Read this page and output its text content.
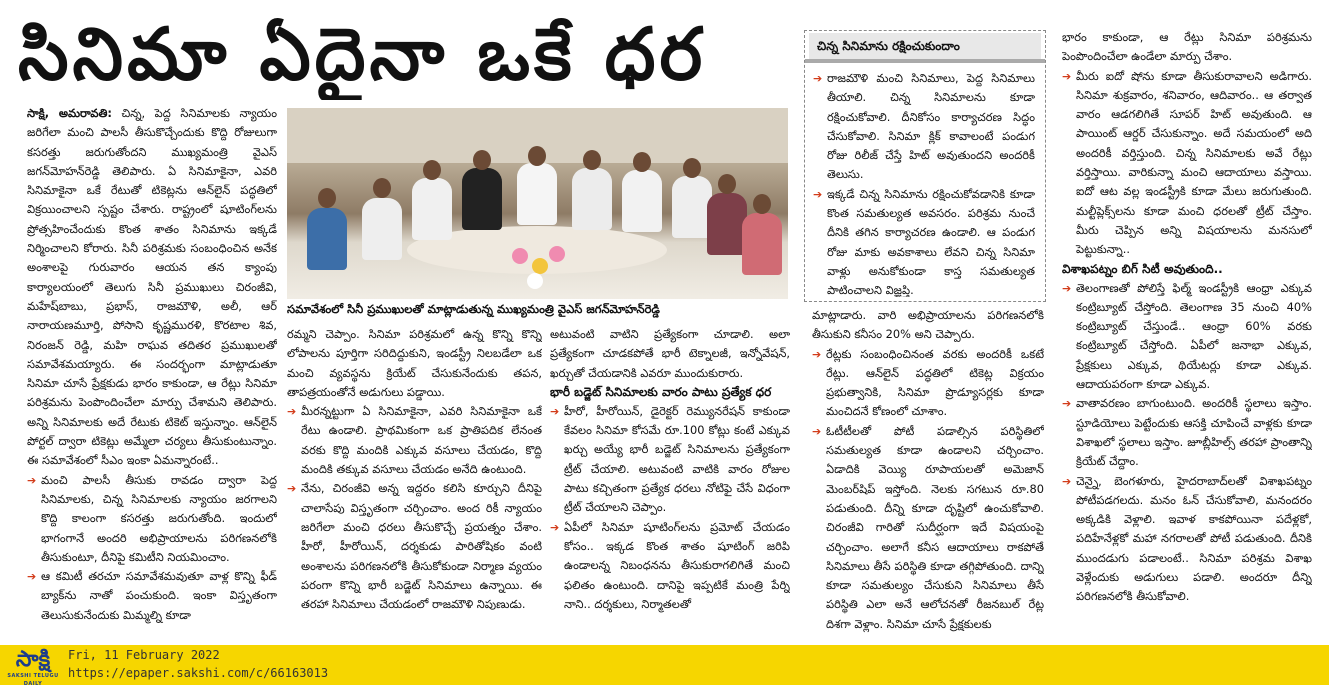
సినిమా ఏదైనా ఒకే ధర

సాక్షి, అమరావతి: చిన్న, పెద్ద సినిమాలకు న్యాయం జరిగేలా మంచి పాలసీ తీసుకొచ్చేందుకు కొద్ది రోజులుగా కసరత్తు జరుగుతోందని ముఖ్యమంత్రి వైఎస్‌ జగన్‌మోహన్‌రెడ్డి తెలిపారు. ఏ సినిమాకైనా, ఎవరి సినిమాకైనా ఒకే రేటుతో టికెట్లను ఆన్‌లైన్‌ పద్ధతిలో విక్రయించాలని స్పష్టం చేశారు. రాష్ట్రంలో షూటింగ్‌లను ప్రోత్సహించేందుకు కొంత శాతం సినిమాను ఇక్కడే నిర్మించాలని కోరారు. సినీ పరిశ్రమకు సంబంధించిన అనేక అంశాలపై గురువారం ఆయన తన క్యాంపు కార్యాలయంలో తెలుగు సినీ ప్రముఖులు చిరంజీవి, మహేష్‌బాబు, ప్రభాస్, రాజమౌళి, అలీ, ఆర్‌ నారాయణమూర్తి, పోసాని కృష్ణమురళి, కొరటాల శివ, నిరంజన్‌ రెడ్డి, మహి రాఘవ తదితర ప్రముఖులతో సమావేశమయ్యారు. ఈ సందర్భంగా మాట్లాడుతూ సినిమా చూసే ప్రేక్షకుడు భారం కాకుండా, ఆ రేట్లు సినిమా పరిశ్రమను పెంపొందించేలా మార్పు చేశామని తెలిపారు. అన్ని సినిమాలకు అదే రేటుకు టికెట్‌ ఇస్తున్నాం. ఆన్‌లైన్‌ పోర్టల్‌ ద్వారా టికెట్లు అమ్మేలా చర్యలు తీసుకుంటున్నాం. ఈ సమావేశంలో సీఎం ఇంకా ఏమన్నారంటే..

➔ మంచి పాలసీ తీసుకు రావడం ద్వారా పెద్ద సినిమాలకు, చిన్న సినిమాలకు న్యాయం జరగాలని కొద్ది కాలంగా కసరత్తు జరుగుతోంది. ఇందులో భాగంగానే అందరి అభిప్రాయాలను పరిగణనలోకి తీసుకుంటూ, దీనిపై కమిటీని నియమించాం.

➔ ఆ కమిటీ తరచూ సమావేశమవుతూ వాళ్ల కొన్ని ఫీడ్‌ బ్యాక్‌ను నాతో పంచుకుంది. ఇంకా విస్తృతంగా తెలుసుకునేందుకు మిమ్మల్ని కూడా

సమావేశంలో సినీ ప్రముఖులతో మాట్లాడుతున్న ముఖ్యమంత్రి వైఎస్‌ జగన్‌మోహన్‌రెడ్డి

రమ్మని చెప్పాం. సినిమా పరిశ్రమలో ఉన్న కొన్ని కొన్ని లోపాలను పూర్తిగా సరిదిద్దుకుని, ఇండస్ట్రీ నిలబడేలా ఒక మంచి వ్యవస్థను క్రియేట్‌ చేసుకునేందుకు తపన, తాపత్రయంతోనే అడుగులు పడ్డాయి.

➔ మీరన్నట్టుగా ఏ సినిమాకైనా, ఎవరి సినిమాకైనా ఒకే రేటు ఉండాలి. ప్రాథమికంగా ఒక ప్రాతిపదిక లేనంత వరకు కొద్ది మందికి ఎక్కువ వసూలు చేయడం, కొద్ది మందికి తక్కువ వసూలు చేయడం అనేది ఉంటుంది.

➔ నేను, చిరంజీవి అన్న ఇద్దరం కలిసి కూర్చుని దీనిపై చాలాసేపు విస్తృతంగా చర్చించాం. అంద రికీ న్యాయం జరిగేలా మంచి ధరలు తీసుకొచ్చే ప్రయత్నం చేశాం. హీరో, హీరోయిన్, దర్శకుడు పారితోషికం వంటి అంశాలను పరిగణనలోకి తీసుకోకుండా నిర్మాణ వ్యయం పరంగా కొన్ని భారీ బడ్జెట్‌ సినిమాలు ఉన్నాయి. ఈ తరహా సినిమాలు చేయడంలో రాజమౌళి నిపుణుడు.

అటువంటి వాటిని ప్రత్యేకంగా చూడాలి. అలా ప్రత్యేకంగా చూడకపోతే భారీ టెక్నాలజీ, ఇన్నోవేషన్, ఖర్చుతో చేయడానికి ఎవరూ ముందుకురారు.

భారీ బడ్జెట్‌ సినిమాలకు వారం పాటు ప్రత్యేక ధర

➔ హీరో, హీరోయిన్, డైరెక్టర్‌ రెమ్యునరేషన్‌ కాకుండా కేవలం సినిమా కోసమే రూ.100 కోట్లు కంటే ఎక్కువ ఖర్చు అయ్యే భారీ బడ్జెట్‌ సినిమాలను ప్రత్యేకంగా ట్రీట్‌ చేయాలి. అటువంటి వాటికి వారం రోజుల పాటు కచ్చితంగా ప్రత్యేక ధరలు నోటిఫై చేసే విధంగా ట్రీట్‌ చేయాలని చెప్పాం.

➔ ఏపీలో సినిమా షూటింగ్‌లను ప్రమోట్‌ చేయడం కోసం.. ఇక్కడ కొంత శాతం షూటింగ్‌ జరిపి ఉండాలన్న నిబంధనను తీసుకురాగలిగితే మంచి ఫలితం ఉంటుంది. దానిపై ఇప్పటికే మంత్రి పేర్ని నాని.. దర్శకులు, నిర్మాతలతో

చిన్న సినిమాను రక్షించుకుందాం

➔ రాజమౌళి మంచి సినిమాలు, పెద్ద సినిమాలు తీయాలి. చిన్న సినిమాలను కూడా రక్షించుకోవాలి. దీనికోసం కార్యాచరణ సిద్ధం చేసుకోవాలి. సినిమా క్లిక్‌ కావాలంటే పండుగ రోజు రిలీజ్‌ చేస్తే హిట్‌ అవుతుందని అందరికీ తెలుసు.

➔ ఇక్కడే చిన్న సినిమాను రక్షించుకోవడానికి కూడా కొంత సమతుల్యత అవసరం. పరిశ్రమ నుంచే దీనికి తగిన కార్యాచరణ ఉండాలి. ఆ పండుగ రోజు మాకు అవకాశాలు లేవని చిన్న సినిమా వాళ్లు అనుకోకుండా కాస్త సమతుల్యత పాటించాలని విజ్ఞప్తి.

మాట్లాడారు. వారి అభిప్రాయాలను పరిగణనలోకి తీసుకుని కనీసం 20% అని చెప్పారు.

➔ రేట్లకు సంబంధించినంత వరకు అందరికీ ఒకటే రేట్లు. ఆన్‌లైన్‌ పద్ధతిలో టికెట్ల విక్రయం ప్రభుత్వానికి, సినిమా ప్రొడ్యూసర్లకు కూడా మంచిదనే కోణంలో చూశాం.

➔ ఓటీటీలతో పోటీ పడాల్సిన పరిస్థితిలో సమతుల్యత కూడా ఉండాలని చర్చించాం. ఏడాదికి వెయ్యి రూపాయలతో అమెజాన్‌ మెంబర్‌షిప్‌ ఇస్తోంది. నెలకు సగటున రూ.80 పడుతుంది. దీన్ని కూడా దృష్టిలో ఉంచుకోవాలి. చిరంజీవి గారితో సుదీర్ఘంగా ఇదే విషయంపై చర్చించాం. అలాగే కనీస ఆదాయాలు రాకపోతే సినిమాలు తీసే పరిస్థితి కూడా తగ్గిపోతుంది. దాన్ని కూడా సమతుల్యం చేసుకుని సినిమాలు తీసే పరిస్థితి ఎలా అనే ఆలోచనతో రీజనబుల్‌ రేట్ల దిశగా వెళ్లాం. సినిమా చూసే ప్రేక్షకులకు

భారం కాకుండా, ఆ రేట్లు సినిమా పరిశ్రమను పెంపొందించేలా ఉండేలా మార్పు చేశాం.

➔ మీరు ఐదో షోను కూడా తీసుకురావాలని అడిగారు. సినిమా శుక్రవారం, శనివారం, ఆదివారం.. ఆ తర్వాత వారం ఆడగలిగితే సూపర్‌ హిట్‌ అవుతుంది. ఆ పాయింట్‌ ఆర్డర్‌ చేసుకున్నాం. అదే సమయంలో అది అందరికీ వర్తిస్తుంది. చిన్న సినిమాలకు అవే రేట్లు వర్తిస్తాయి. వారికున్నా మంచి ఆదాయాలు వస్తాయి. ఐదో ఆట వల్ల ఇండస్ట్రీకి కూడా మేలు జరుగుతుంది. మల్టీప్లెక్స్‌లను కూడా మంచి ధరలతో ట్రీట్‌ చేస్తాం. మీరు చెప్పిన అన్ని విషయాలను మనసులో పెట్టుకున్నా..

విశాఖపట్నం బిగ్‌ సిటీ అవుతుంది..

➔ తెలంగాణతో పోలిస్తే ఫిల్మ్‌ ఇండస్ట్రీకి ఆంధ్రా ఎక్కువ కంట్రిబ్యూట్‌ చేస్తోంది. తెలంగాణ 35 నుంచి 40% కంట్రిబ్యూట్‌ చేస్తుండే.. ఆంధ్రా 60% వరకు కంట్రిబ్యూట్‌ చేస్తోంది. ఏపీలో జనాభా ఎక్కువ, ప్రేక్షకులు ఎక్కువ, థియేటర్లు కూడా ఎక్కువ. ఆదాయపరంగా కూడా ఎక్కువ.

➔ వాతావరణం బాగుంటుంది. అందరికీ స్థలాలు ఇస్తాం. స్టూడియోలు పెట్టేందుకు ఆసక్తి చూపించే వాళ్లకు కూడా విశాఖలో స్థలాలు ఇస్తాం. జూబ్లీహిల్స్‌ తరహా ప్రాంతాన్ని క్రియేట్‌ చేద్దాం.

➔ చెన్నై, బెంగళూరు, హైదరాబాద్‌లతో విశాఖపట్నం పోటీపడగలదు. మనం ఓన్‌ చేసుకోవాలి, మనందరం అక్కడికి వెళ్లాలి. ఇవాళ కాకపోయినా పదేళ్లకో, పదిహేనేళ్లకో మహా నగరాలతో పోటీ పడుతుంది. దీనికి ముందడుగు పడాలంటే.. సినిమా పరిశ్రమ విశాఖ వెళ్లేందుకు అడుగులు పడాలి. అందరూ దీన్ని పరిగణనలోకి తీసుకోవాలి.

సాక్షి
SAKSHI TELUGU DAILY
Fri, 11 February 2022
https://epaper.sakshi.com/c/66163013
